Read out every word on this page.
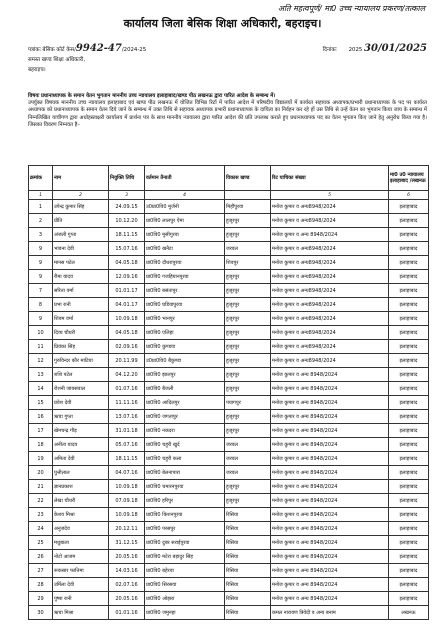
अति महत्वपूर्ण/ मा0 उच्च न्यायालय प्रकरण/तत्काल
कार्यालय जिला बेसिक शिक्षा अधिकारी, बहराइच।
पत्रांकः बेसिक कोर्ट केस/9942-47/2024-25	दिनांकः 2025 30/01/2025
समस्त खण्ड शिक्षा अधिकारी,
बहराइच।
विषयः प्रधानाध्यापक के समान वेतन भुगतान माननीय उच्च न्यायालय इलाहाबाद/खण्ड पीठ लखनऊ द्वारा पारित आदेश के सम्बन्ध में।
उपर्युक्त विषयक माननीय उच्च न्यायालय इलाहाबाद एवं खण्ड पीठ लखनऊ में योजित विभिन्न रिटों में पारित आदेश में परिषदीय विद्यालयों में कार्यरत सहायक अध्यापक/प्रभारी प्रधानाध्यापक के पद पर कार्यरत अध्यापक को प्रधानाध्यापक के समान वेतन दिये जाने के सम्बन्ध में उक्त तिथि से सहायक अध्यापक प्रभारी प्रधानाध्यापक के दायित्व का निर्वहन कर रहे हों उस तिथि से उन्हें वेतन का भुगतान किया जाय के सम्बन्ध में निम्नलिखित याचीगण द्वारा अधोहस्ताक्षरी कार्यालय में प्रार्थना पत्र के साथ माननीय न्यायालय द्वारा पारित आदेश की प्रति उपलब्ध कराते हुए प्रधानाध्यापक पद का वेतन भुगतान किए जाने हेतु अनुरोध किया गया है। जिसका विवरण निम्नवत है–
क्रमांक	नाम	नियुक्ति तिथि	वर्तमान तैनाती	विकास खण्ड	रिट याचिका संख्या	मा0 उ0 न्यायालय इलाहाबाद /लखनऊ
1	2	3	4		5	6
1	उपेन्द्र कुमार सिंह	24.09.15	उ0प्रा0वि0 मुर्जनी	मिहींपुरवा	मनोज कुमार व अन्य8948/2024	इलाहाबाद
2	प्रीति	10.12.20	प्रा0वि0 लालपुर ऐमा	हुजूरपुर	मनोज कुमार व अन्य8948/2024	इलाहाबाद
3	अंजली गुप्ता	18.11.15	प्रा0वि0 मुसीगुरवा	हुजूरपुर	मनोज कुमार व अन्य 8948/2024	इलाहाबाद
9	भावना देवी	15.07.16	प्रा0वि0 खनैटा	जरवल	मनोज कुमार व अन्य8948/2024	इलाहाबाद
9	मानस पटेल	04.05.18	प्रा0वि0 दौधरापुरवा	शिवपुर	मनोज कुमार व अन्य8948/2024	इलाहाबाद
9	रीमा यादव	12.09.16	प्रा0वि0 गजहियानपुरवा	हुजूरपुर	मनोज कुमार व अन्य8948/2024	इलाहाबाद
7	सरिता वर्मा	01.01.17	प्रा0वि0 बसंतापुर	हुजूरपुर	मनोज कुमार व अन्य8948/2024	इलाहाबाद
8	प्रभा रानी	04.01.17	प्रा0वि0 घडियापुरवा	हुजूरपुर	मनोज कुमार व अन्य8948/2024	इलाहाबाद
9	शिवम वर्मा	10.09.18	प्रा0वि0 भानपुर	हुजूरपुर	मनोज कुमार व अन्य8948/2024	इलाहाबाद
10	दिव्य चौधरी	04.05.18	प्रा0वि0 एलिहा	हुजूरपुर	मनोज कुमार व अन्य8948/2024	इलाहाबाद
11	प्रियंका सिंह	02.09.16	प्रा0वि0 कुण्डवा	हुजूरपुर	मनोज कुमार व अन्य8948/2024	इलाहाबाद
12	गुरुविन्दर कौर माटिया	20.11.99	उ0प्रा0वि0 बैकुण्डा	हुजूरपुर	मनोज कुमार व अन्य8948/2024	इलाहाबाद
13	शशि पटेल	04.12.20	प्रा0वि0 झालपुर	हुजूरपुर	मनोज कुमार व अन्य 8948/2024	इलाहाबाद
14	रोशनी जायसवाल	01.07.16	प्रा0वि0 बैजली	हुजूरपुर	मनोज कुमार व अन्य 8948/2024	इलाहाबाद
15	प्रवेश देवी	11.11.16	प्रा0वि0 आदिलपुर	पयागपुर	मनोज कुमार व अन्य 8948/2024	इलाहाबाद
16	ऋचा गुप्ता	13.07.16	प्रा0वि0 जगतापुर	हुजूरपुर	मनोज कुमार व अन्य 8948/2024	इलाहाबाद
17	खेमचन्द्र गौड़	31.01.18	प्रा0वि0 नकदरा	हुजूरपुर	मनोज कुमार व अन्य 8948/2024	इलाहाबाद
18	अनीता यादव	05.07.16	प्रा0वि0 चहुरी खुर्द	जरवल	मनोज कुमार व अन्य 8948/2024	इलाहाबाद
19	अमिता देवी	18.11.15	प्रा0वि0 चहुरी कला	जरवल	मनोज कुमार व अन्य 8948/2024	इलाहाबाद
20	पुत्तीलाल	04.07.16	प्रा0वि0 बेलनापारा	जरवल	मनोज कुमार व अन्य 8948/2024	इलाहाबाद
21	ज्ञानप्रकाश	10.09.18	प्रा0वि0 चमारनपुरवा	हुजूरपुर	मनोज कुमार व अन्य 8948/2024	इलाहाबाद
22	लेखा चौधरी	07.09.18	प्रा0वि0 हरिपुर	हुजूरपुर	मनोज कुमार व अन्य 8948/2024	इलाहाबाद
23	केशव मिश्रा	10.09.18	प्रा0वि0 किशनपुरवा	रिसिया	मनोज कुमार व अन्य 8948/2024	इलाहाबाद
24	अनुजदेव	20.12.11	प्रा0वि0 परसपुर	रिसिया	मनोज कुमार व अन्य 8948/2024	इलाहाबाद
25	मधुबाला	31.12.15	प्रा0वि0 दुबर सराईपुरवा	रिसिया	मनोज कुमार व अन्य 8948/2024	इलाहाबाद
26	नोटो आजम	20.05.16	प्रा0वि0 मटेरा बहादुर सिंह	रिसिया	मनोज कुमार व अन्य 8948/2024	इलाहाबाद
27	रूकसार फातिमा	14.03.16	प्रा0वि0 बहेरवा	रिसिया	मनोज कुमार व अन्य 8948/2024	इलाहाबाद
28	उर्मिला देवी	02.07.16	प्रा0वि0 सिरसवा	रिसिया	मनोज कुमार व अन्य 8948/2024	इलाहाबाद
29	पुष्पा रानी	20.05.16	प्रा0वि0 ओझरा	रिसिया	मनोज कुमार व अन्य 8948/2024	इलाहाबाद
30	ऋचा मिश्रा	01.01.16	प्रा0वि0 जमुनहा	रिसिया	कमल नारायण त्रिवेदी व अन्य बनाम	लखनऊ
